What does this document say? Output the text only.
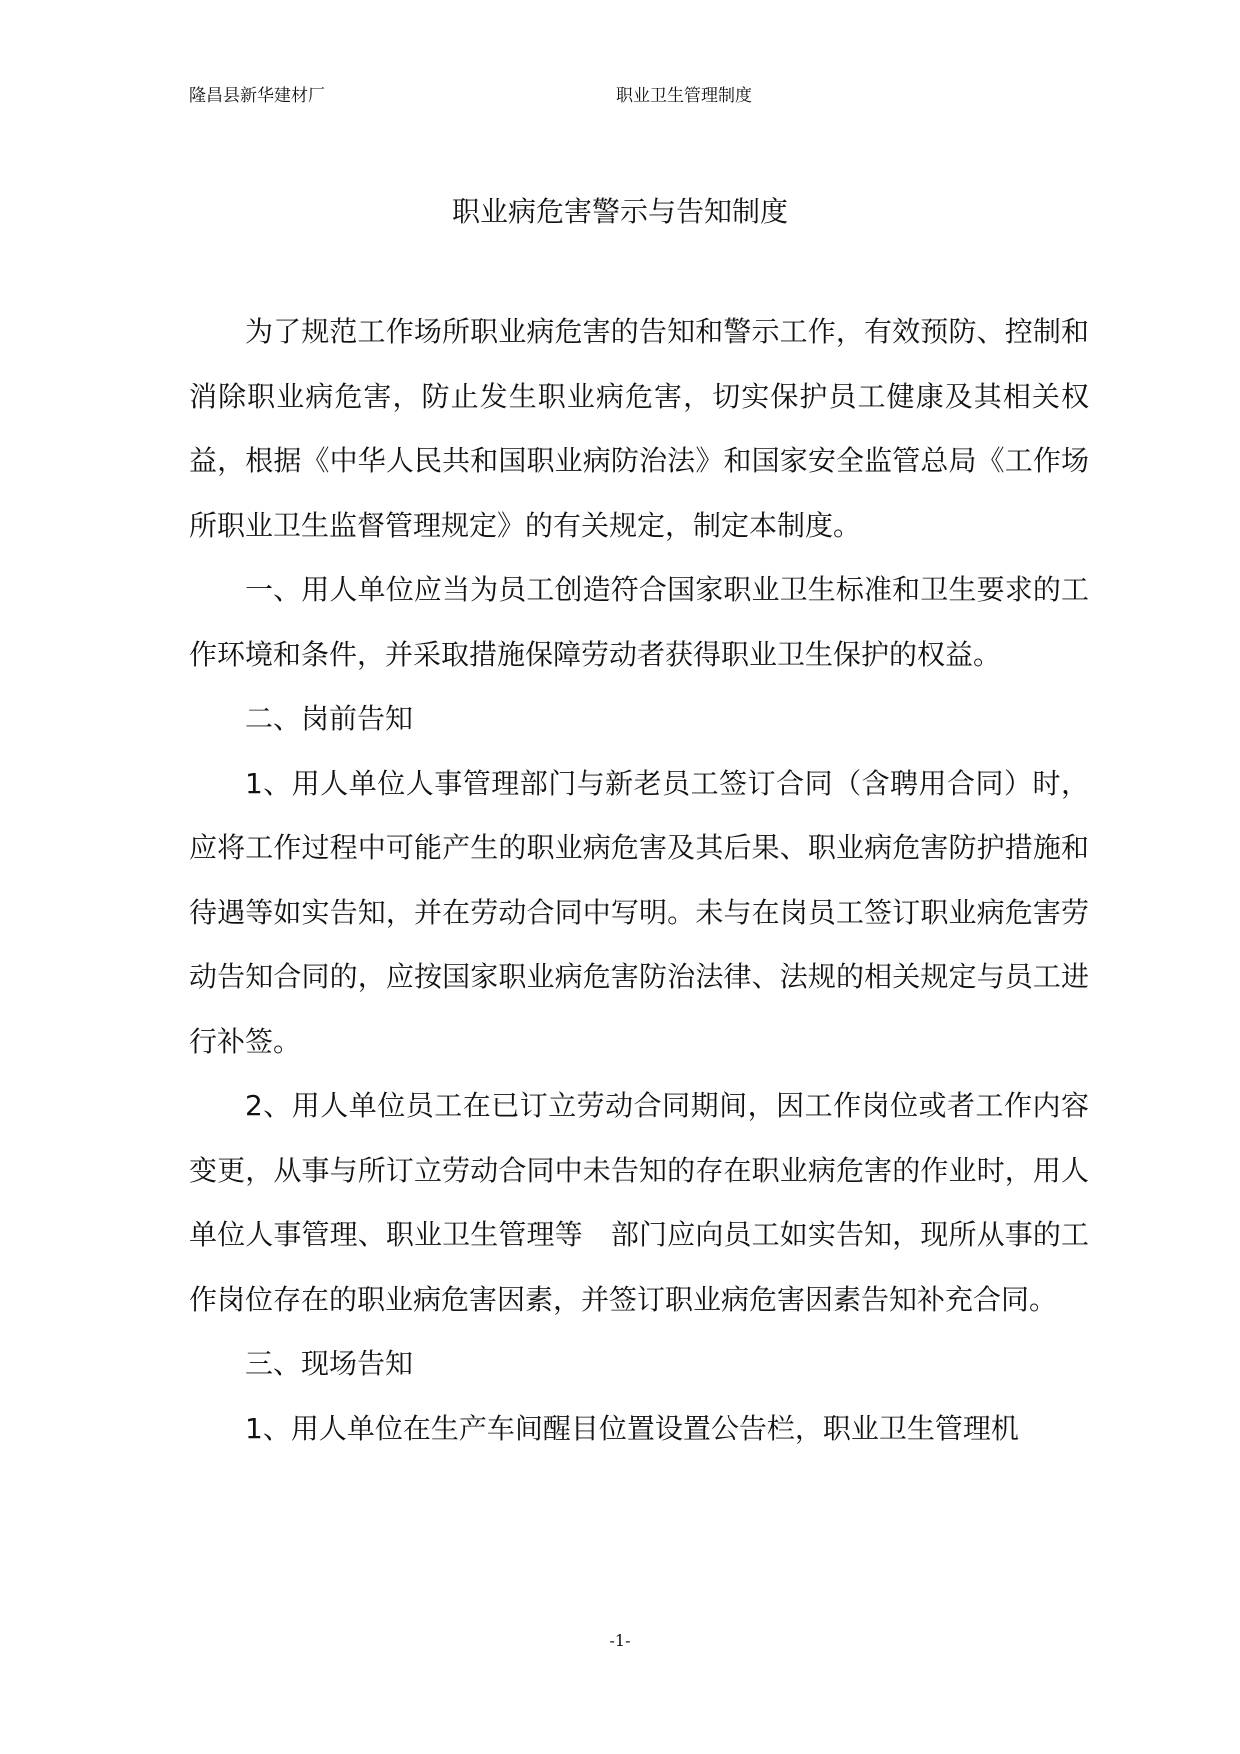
隆昌县新华建材厂	职业卫生管理制度
职业病危害警示与告知制度

为了规范工作场所职业病危害的告知和警示工作，有效预防、控制和消除职业病危害，防止发生职业病危害，切实保护员工健康及其相关权益，根据《中华人民共和国职业病防治法》和国家安全监管总局《工作场所职业卫生监督管理规定》的有关规定，制定本制度。

一、用人单位应当为员工创造符合国家职业卫生标准和卫生要求的工作环境和条件，并采取措施保障劳动者获得职业卫生保护的权益。

二、岗前告知

1、用人单位人事管理部门与新老员工签订合同（含聘用合同）时，应将工作过程中可能产生的职业病危害及其后果、职业病危害防护措施和待遇等如实告知，并在劳动合同中写明。未与在岗员工签订职业病危害劳动告知合同的，应按国家职业病危害防治法律、法规的相关规定与员工进行补签。

2、用人单位员工在已订立劳动合同期间，因工作岗位或者工作内容变更，从事与所订立劳动合同中未告知的存在职业病危害的作业时，用人单位人事管理、职业卫生管理等　部门应向员工如实告知，现所从事的工作岗位存在的职业病危害因素，并签订职业病危害因素告知补充合同。

三、现场告知

1、用人单位在生产车间醒目位置设置公告栏，职业卫生管理机

-1-
